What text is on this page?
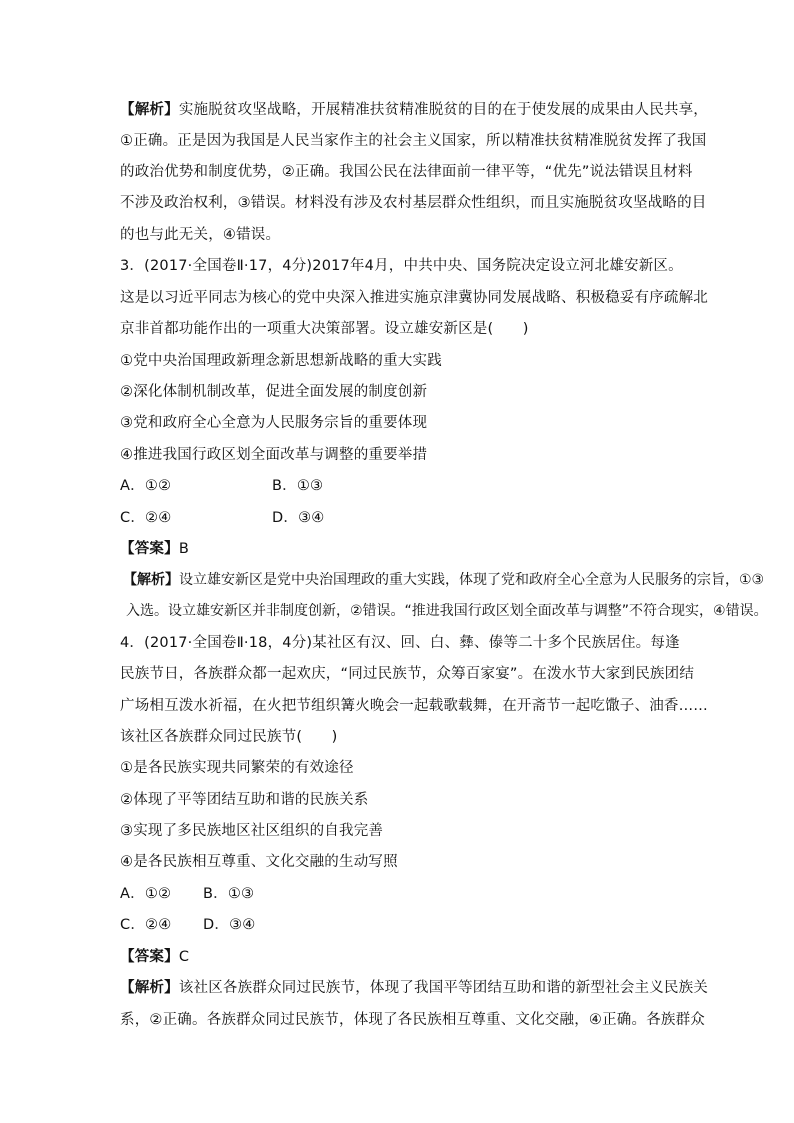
【解析】实施脱贫攻坚战略，开展精准扶贫精准脱贫的目的在于使发展的成果由人民共享，
①正确。正是因为我国是人民当家作主的社会主义国家，所以精准扶贫精准脱贫发挥了我国
的政治优势和制度优势，②正确。我国公民在法律面前一律平等，“优先”说法错误且材料
不涉及政治权利，③错误。材料没有涉及农村基层群众性组织，而且实施脱贫攻坚战略的目
的也与此无关，④错误。
3．(2017·全国卷Ⅱ·17，4分)2017年4月，中共中央、国务院决定设立河北雄安新区。
这是以习近平同志为核心的党中央深入推进实施京津冀协同发展战略、积极稳妥有序疏解北
京非首都功能作出的一项重大决策部署。设立雄安新区是(　　)
①党中央治国理政新理念新思想新战略的重大实践
②深化体制机制改革，促进全面发展的制度创新
③党和政府全心全意为人民服务宗旨的重要体现
④推进我国行政区划全面改革与调整的重要举措
A．①②	B．①③
C．②④	D．③④
【答案】B
【解析】设立雄安新区是党中央治国理政的重大实践，体现了党和政府全心全意为人民服务的宗旨，①③
入选。设立雄安新区并非制度创新，②错误。“推进我国行政区划全面改革与调整”不符合现实，④错误。
4．(2017·全国卷Ⅱ·18，4分)某社区有汉、回、白、彝、傣等二十多个民族居住。每逢
民族节日，各族群众都一起欢庆，“同过民族节，众筹百家宴”。在泼水节大家到民族团结
广场相互泼水祈福，在火把节组织篝火晚会一起载歌载舞，在开斋节一起吃馓子、油香……
该社区各族群众同过民族节(　　)
①是各民族实现共同繁荣的有效途径
②体现了平等团结互助和谐的民族关系
③实现了多民族地区社区组织的自我完善
④是各民族相互尊重、文化交融的生动写照
A．①② B．①③
C．②④ D．③④
【答案】C
【解析】该社区各族群众同过民族节，体现了我国平等团结互助和谐的新型社会主义民族关
系，②正确。各族群众同过民族节，体现了各民族相互尊重、文化交融，④正确。各族群众
